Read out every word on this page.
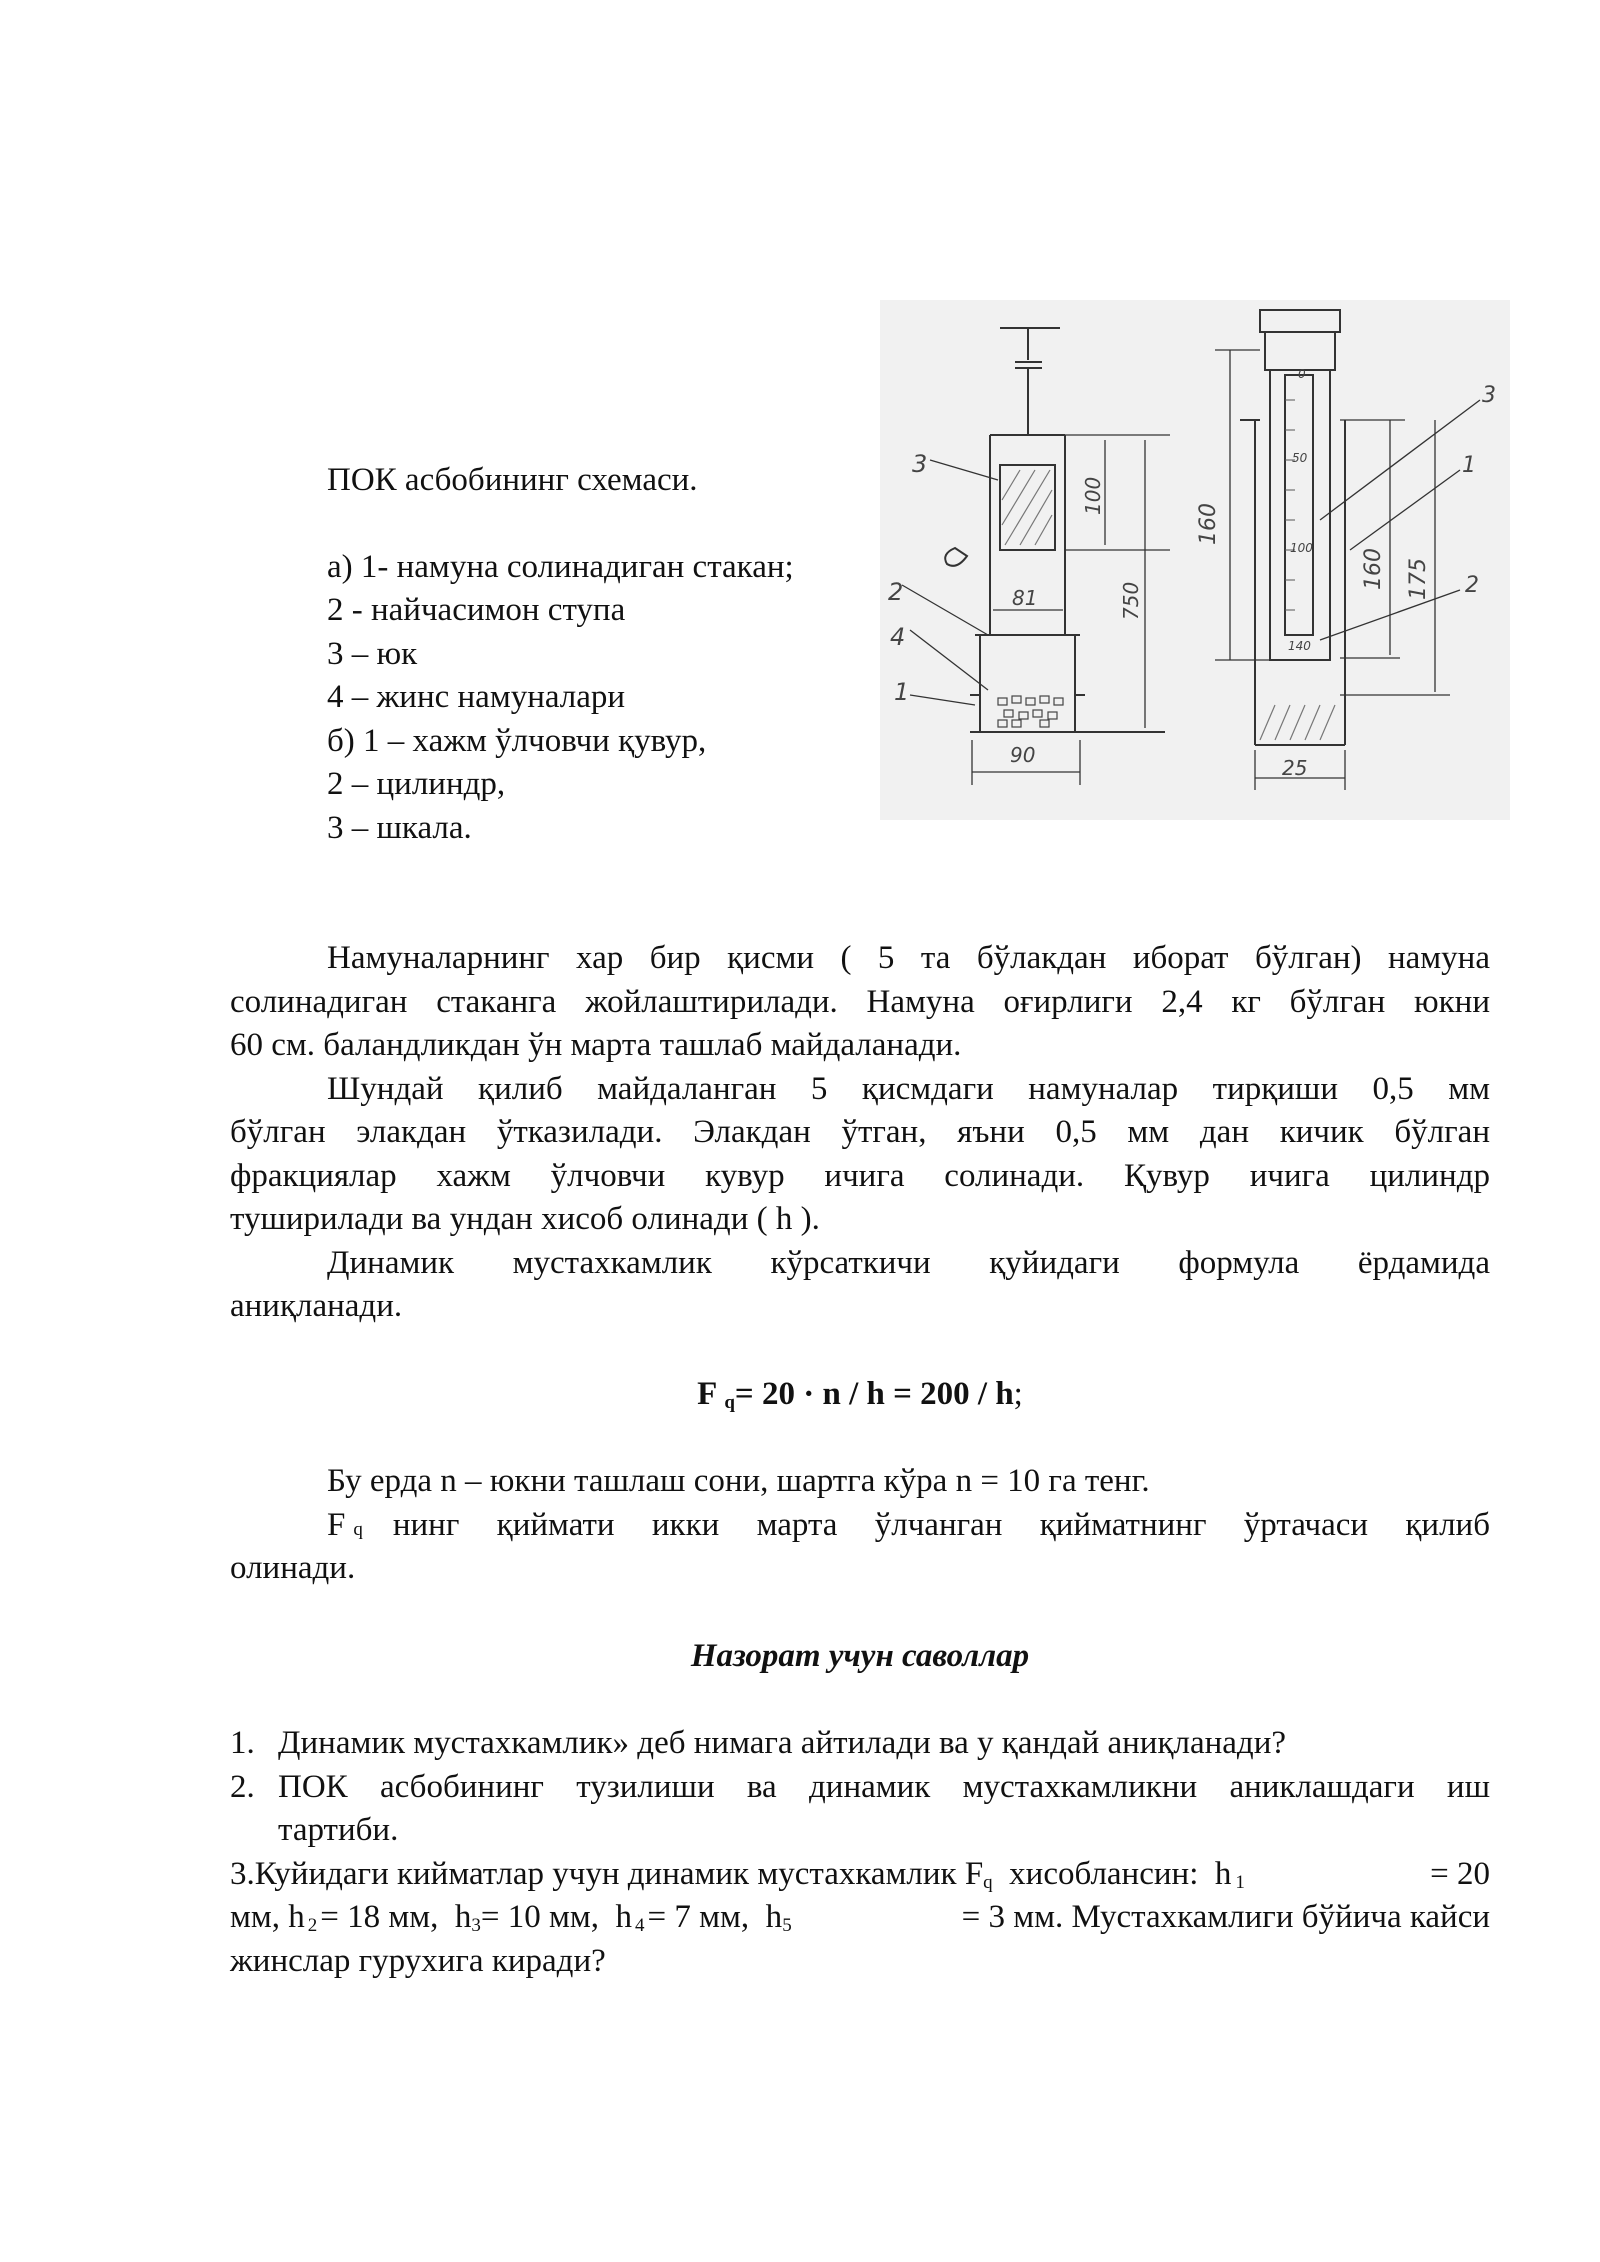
ПОК асбобининг схемаси.
а) 1- намуна солинадиган стакан;
2 - найчасимон ступа
3 – юк
4 – жинс намуналари
б) 1 – хажм ўлчовчи қувур,
2 – цилиндр,
3 – шкала.
3
2
4
1
81
90
100
750
160
160 175
25
3
1
2
0
50
100
140
Намуналарнинг хар бир қисми ( 5 та бўлакдан иборат бўлган) намуна
солинадиган стаканга жойлаштирилади. Намуна оғирлиги 2,4 кг бўлган юкни
60 см. баландликдан ўн марта ташлаб майдаланади.
Шундай қилиб майдаланган 5 қисмдаги намуналар тирқиши 0,5 мм
бўлган элакдан ўтказилади. Элакдан ўтган, яъни 0,5 мм дан кичик бўлган
фракциялар хажм ўлчовчи кувур ичига солинади. Қувур ичига цилиндр
туширилади ва ундан хисоб олинади ( h ).
Динамик мустахкамлик кўрсаткичи қуйидаги формула ёрдамида
аниқланади.
F $_q$= 20 · n / h = 200 / h;
Бу ерда n – юкни ташлаш сони, шартга кўра n = 10 га тенг.
F q нинг қиймати икки марта ўлчанган қийматнинг ўртачаси қилиб
олинади.
Назорат учун саволлар
1. Динамик мустахкамлик» деб нимага айтилади ва у қандай аниқланади?
2. ПОК асбобининг тузилиши ва динамик мустахкамликни аниклашдаги иш
тартиби.
3.Куйидаги кийматлар учун динамик мустахкамлик $F_q$  хисоблансин:  h $_1$	= 20
мм, h $_2$= 18 мм,  $h_3= 10$ мм,  h $_4$= 7 мм,  $h_5$	= 3 мм. Мустахкамлиги бўйича кайси
жинслар гурухига киради?
